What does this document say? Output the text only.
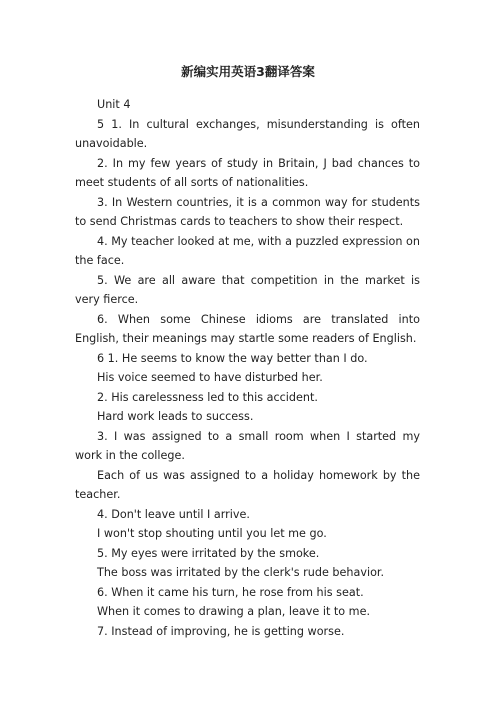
新编实用英语3翻译答案

Unit 4

5 1. In cultural exchanges, misunderstanding is often unavoidable.

2. In my few years of study in Britain, J bad chances to meet students of all sorts of nationalities.

3. In Western countries, it is a common way for students to send Christmas cards to teachers to show their respect.

4. My teacher looked at me, with a puzzled expression on the face.

5. We are all aware that competition in the market is very fierce.

6. When some Chinese idioms are translated into English, their meanings may startle some readers of English.

6 1. He seems to know the way better than I do.

His voice seemed to have disturbed her.

2. His carelessness led to this accident.

Hard work leads to success.

3. I was assigned to a small room when I started my work in the college.

Each of us was assigned to a holiday homework by the teacher.

4. Don't leave until I arrive.

I won't stop shouting until you let me go.

5. My eyes were irritated by the smoke.

The boss was irritated by the clerk's rude behavior.

6. When it came his turn, he rose from his seat.

When it comes to drawing a plan, leave it to me.

7. Instead of improving, he is getting worse.
